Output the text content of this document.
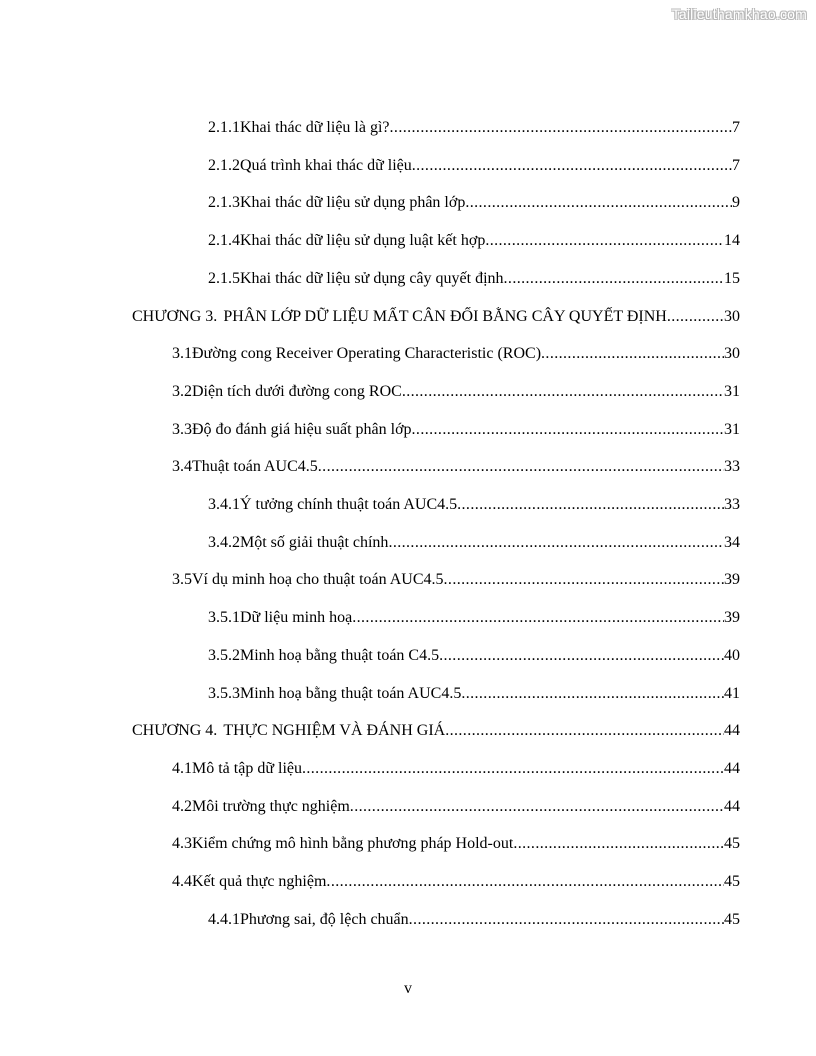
Tailieuthamkhao.com
2.1.1 Khai thác dữ liệu là gì? .....	7
2.1.2 Quá trình khai thác dữ liệu .....	7
2.1.3 Khai thác dữ liệu sử dụng phân lớp .....	9
2.1.4 Khai thác dữ liệu sử dụng luật kết hợp .....	14
2.1.5 Khai thác dữ liệu sử dụng cây quyết định .....	15
CHƯƠNG 3. PHÂN LỚP DỮ LIỆU MẤT CÂN ĐỐI BẰNG CÂY QUYẾT ĐỊNH .....	30
3.1 Đường cong Receiver Operating Characteristic (ROC) .....	30
3.2 Diện tích dưới đường cong ROC .....	31
3.3 Độ đo đánh giá hiệu suất phân lớp .....	31
3.4 Thuật toán AUC4.5 .....	33
3.4.1 Ý tưởng chính thuật toán AUC4.5 .....	33
3.4.2 Một số giải thuật chính .....	34
3.5 Ví dụ minh hoạ cho thuật toán AUC4.5 .....	39
3.5.1 Dữ liệu minh hoạ .....	39
3.5.2 Minh hoạ bằng thuật toán C4.5 .....	40
3.5.3 Minh hoạ bằng thuật toán AUC4.5 .....	41
CHƯƠNG 4. THỰC NGHIỆM VÀ ĐÁNH GIÁ .....	44
4.1 Mô tả tập dữ liệu .....	44
4.2 Môi trường thực nghiệm .....	44
4.3 Kiểm chứng mô hình bằng phương pháp Hold-out .....	45
4.4 Kết quả thực nghiệm .....	45
4.4.1 Phương sai, độ lệch chuẩn .....	45
v
